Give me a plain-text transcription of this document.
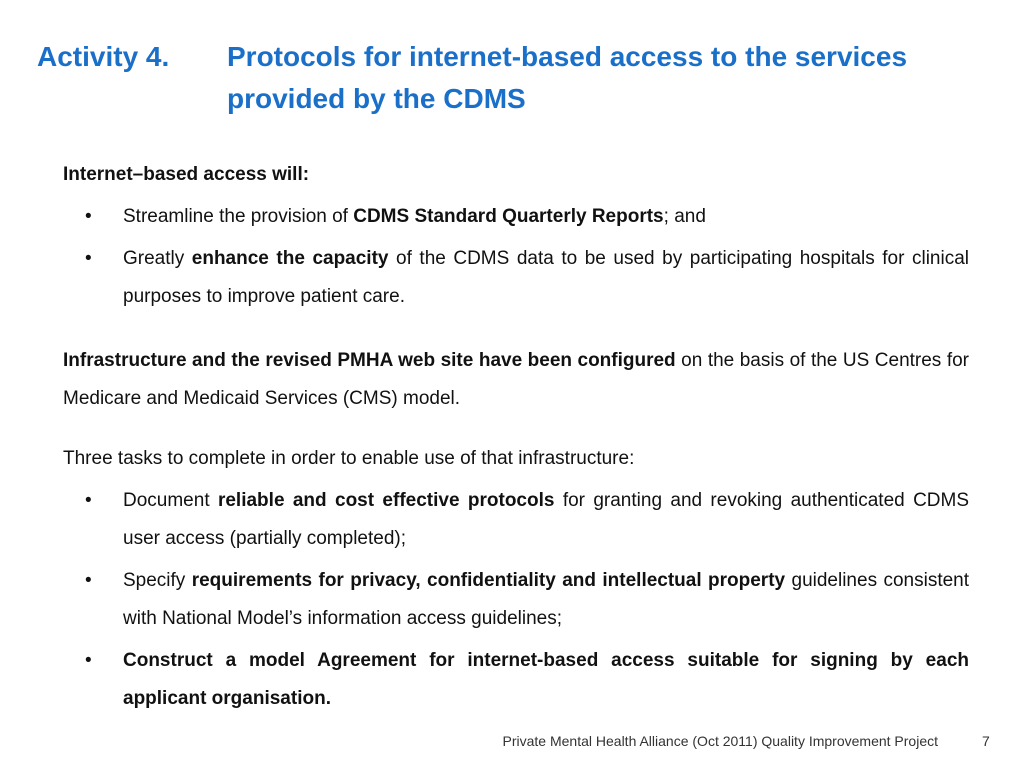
Activity 4.	Protocols for internet-based access to the services provided by the CDMS

Internet–based access will:

• Streamline the provision of CDMS Standard Quarterly Reports; and
• Greatly enhance the capacity of the CDMS data to be used by participating hospitals for clinical purposes to improve patient care.

Infrastructure and the revised PMHA web site have been configured on the basis of the US Centres for Medicare and Medicaid Services (CMS) model.

Three tasks to complete in order to enable use of that infrastructure:

• Document reliable and cost effective protocols for granting and revoking authenticated CDMS user access (partially completed);
• Specify requirements for privacy, confidentiality and intellectual property guidelines consistent with National Model’s information access guidelines;
• Construct a model Agreement for internet-based access suitable for signing by each applicant organisation.
Private Mental Health Alliance (Oct 2011) Quality Improvement Project	7
